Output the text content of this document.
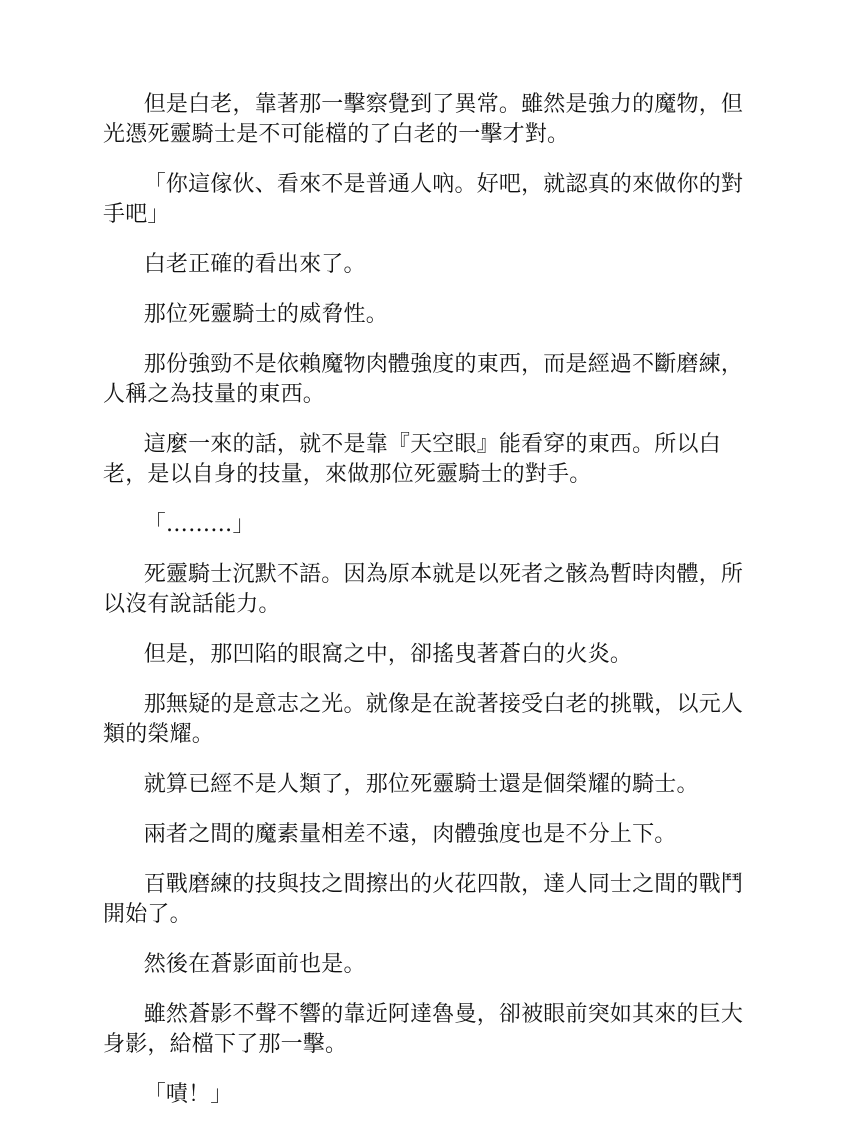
但是白老，靠著那一擊察覺到了異常。雖然是強力的魔物，但光憑死靈騎士是不可能檔的了白老的一擊才對。

「你這傢伙、看來不是普通人吶。好吧，就認真的來做你的對手吧」

白老正確的看出來了。

那位死靈騎士的威脅性。

那份強勁不是依賴魔物肉體強度的東西，而是經過不斷磨練，人稱之為技量的東西。

這麼一來的話，就不是靠『天空眼』能看穿的東西。所以白老，是以自身的技量，來做那位死靈騎士的對手。

「………」

死靈騎士沉默不語。因為原本就是以死者之骸為暫時肉體，所以沒有說話能力。

但是，那凹陷的眼窩之中，卻搖曳著蒼白的火炎。

那無疑的是意志之光。就像是在說著接受白老的挑戰，以元人類的榮耀。

就算已經不是人類了，那位死靈騎士還是個榮耀的騎士。

兩者之間的魔素量相差不遠，肉體強度也是不分上下。

百戰磨練的技與技之間擦出的火花四散，達人同士之間的戰鬥開始了。

然後在蒼影面前也是。

雖然蒼影不聲不響的靠近阿達魯曼，卻被眼前突如其來的巨大身影，給檔下了那一擊。

「嘖！」
